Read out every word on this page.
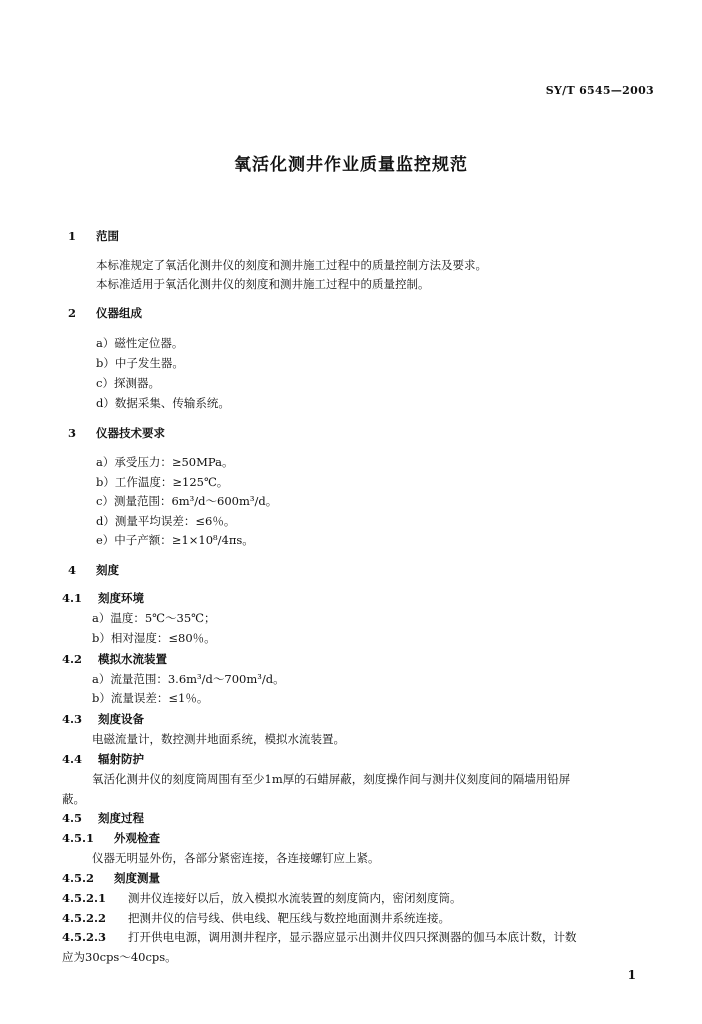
SY/T 6545—2003
氧活化测井作业质量监控规范
1 范围
本标准规定了氧活化测井仪的刻度和测井施工过程中的质量控制方法及要求。
本标准适用于氧活化测井仪的刻度和测井施工过程中的质量控制。
2 仪器组成
a）磁性定位器。
b）中子发生器。
c）探测器。
d）数据采集、传输系统。
3 仪器技术要求
a）承受压力：≥50MPa。
b）工作温度：≥125℃。
c）测量范围：6m³/d～600m³/d。
d）测量平均误差：≤6％。
e）中子产额：≥1×10⁸/4πs。
4 刻度
4.1 刻度环境
a）温度：5℃～35℃；
b）相对湿度：≤80％。
4.2 模拟水流装置
a）流量范围：3.6m³/d～700m³/d。
b）流量误差：≤1％。
4.3 刻度设备
电磁流量计，数控测井地面系统，模拟水流装置。
4.4 辐射防护
氧活化测井仪的刻度筒周围有至少1m厚的石蜡屏蔽，刻度操作间与测井仪刻度间的隔墙用铅屏
蔽。
4.5 刻度过程
4.5.1 外观检查
仪器无明显外伤，各部分紧密连接，各连接螺钉应上紧。
4.5.2 刻度测量
4.5.2.1 测井仪连接好以后，放入模拟水流装置的刻度筒内，密闭刻度筒。
4.5.2.2 把测井仪的信号线、供电线、靶压线与数控地面测井系统连接。
4.5.2.3 打开供电电源，调用测井程序，显示器应显示出测井仪四只探测器的伽马本底计数，计数
应为30cps～40cps。
1
